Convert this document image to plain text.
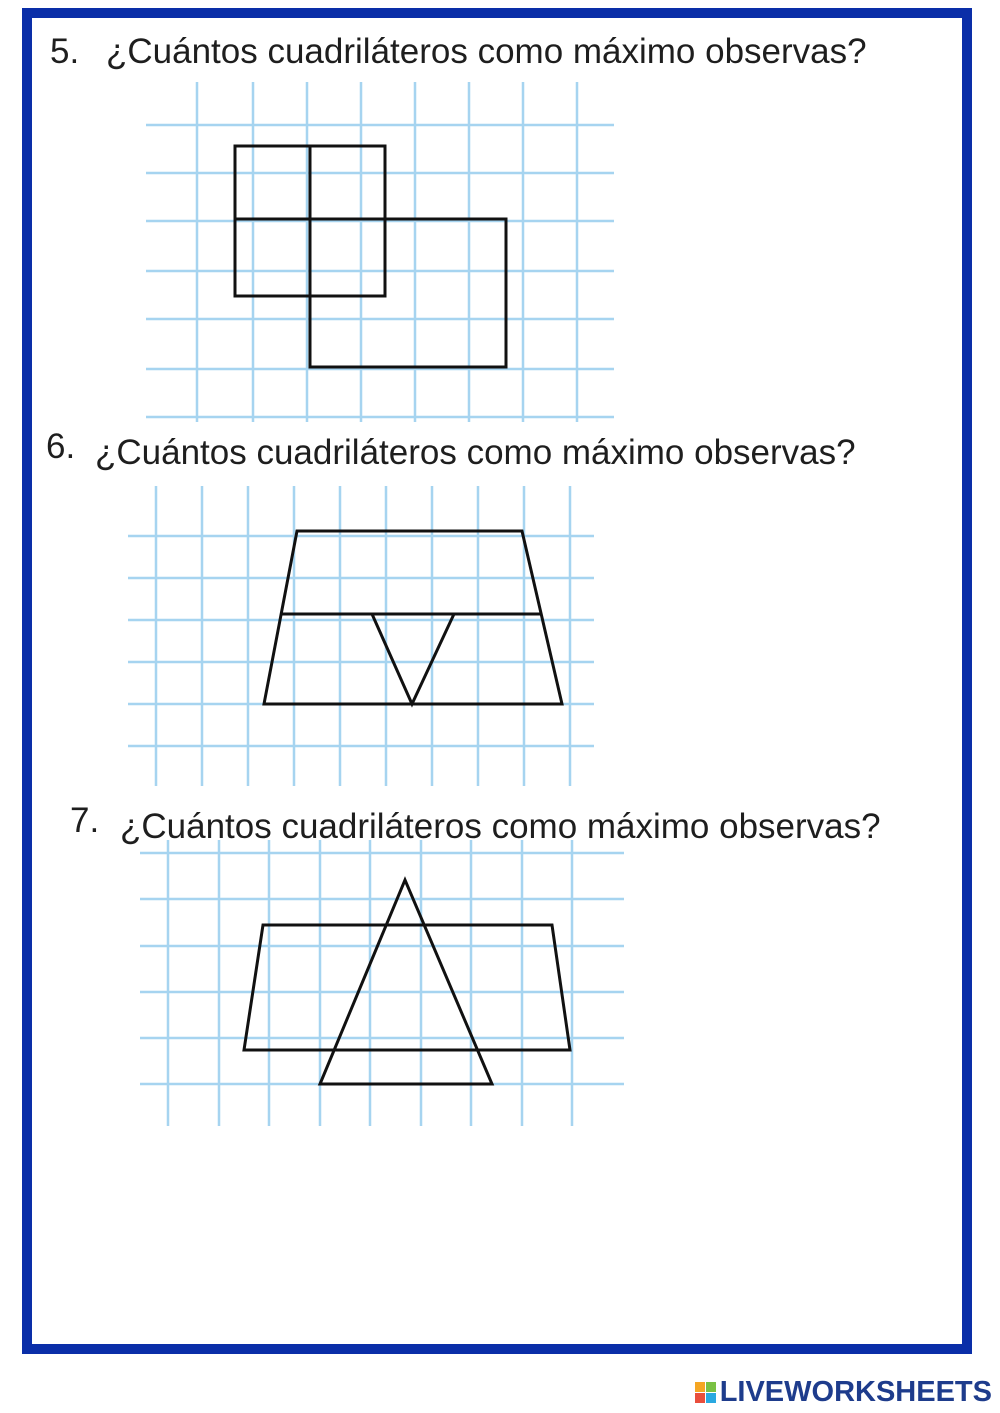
5. ¿Cuántos cuadriláteros como máximo observas?
6. ¿Cuántos cuadriláteros como máximo observas?
7. ¿Cuántos cuadriláteros como máximo observas?
LIVEWORKSHEETS
